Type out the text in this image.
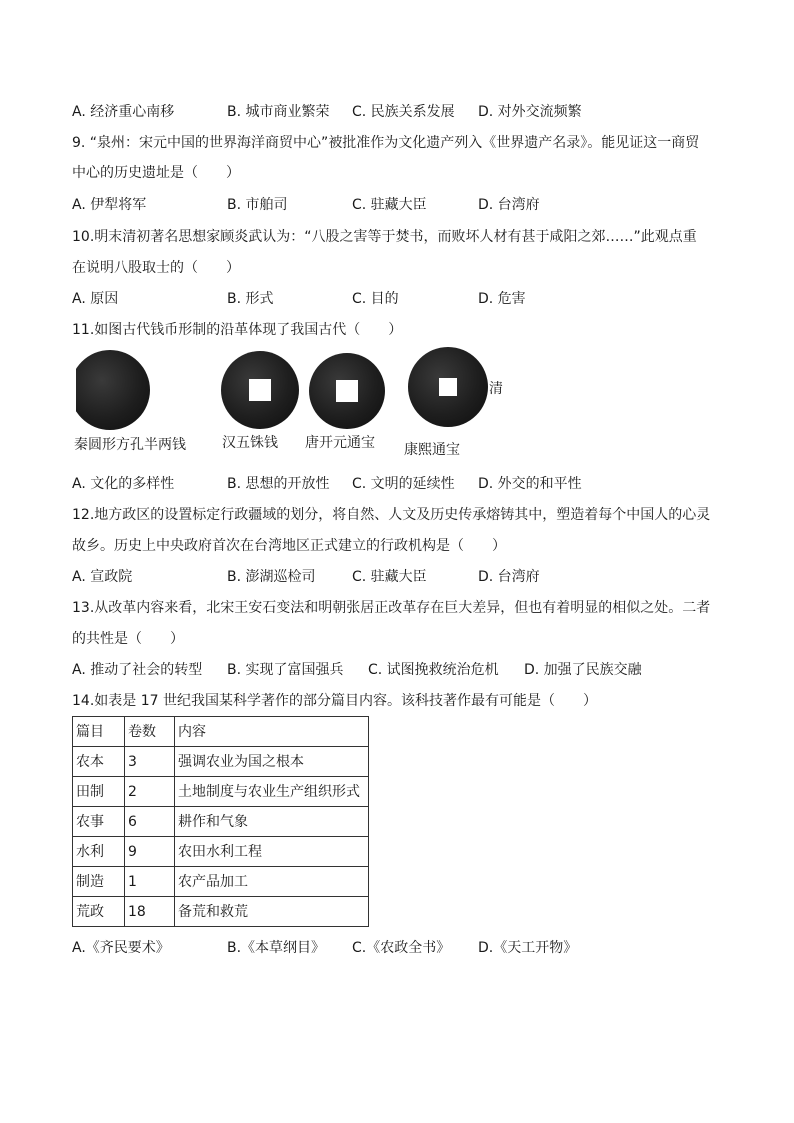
A. 经济重心南移	B. 城市商业繁荣 C. 民族关系发展 D. 对外交流频繁
9. “泉州：宋元中国的世界海洋商贸中心”被批准作为文化遗产列入《世界遗产名录》。能见证这一商贸
中心的历史遗址是（　　）
A. 伊犁将军	B. 市舶司	C. 驻藏大臣	D. 台湾府
10.明末清初著名思想家顾炎武认为：“八股之害等于焚书，而败坏人材有甚于咸阳之郊……”此观点重
在说明八股取士的（　　）
A. 原因	B. 形式	C. 目的	D. 危害
11.如图古代钱币形制的沿革体现了我国古代（　　）
秦圆形方孔半两钱	汉五铢钱 唐开元通宝 康熙通宝
清
A. 文化的多样性	B. 思想的开放性 C. 文明的延续性 D. 外交的和平性
12.地方政区的设置标定行政疆域的划分，将自然、人文及历史传承熔铸其中，塑造着每个中国人的心灵
故乡。历史上中央政府首次在台湾地区正式建立的行政机构是（　　）
A. 宣政院	B. 澎湖巡检司	C. 驻藏大臣	D. 台湾府
13.从改革内容来看，北宋王安石变法和明朝张居正改革存在巨大差异，但也有着明显的相似之处。二者
的共性是（　　）
A. 推动了社会的转型 B. 实现了富国强兵 C. 试图挽救统治危机 D. 加强了民族交融
14.如表是 17 世纪我国某科学著作的部分篇目内容。该科技著作最有可能是（　　）
篇目	卷数	内容
农本	3	强调农业为国之根本
田制	2	土地制度与农业生产组织形式
农事	6	耕作和气象
水利	9	农田水利工程
制造	1	农产品加工
荒政	18	备荒和救荒
A.《齐民要术》	B.《本草纲目》 C.《农政全书》 D.《天工开物》
